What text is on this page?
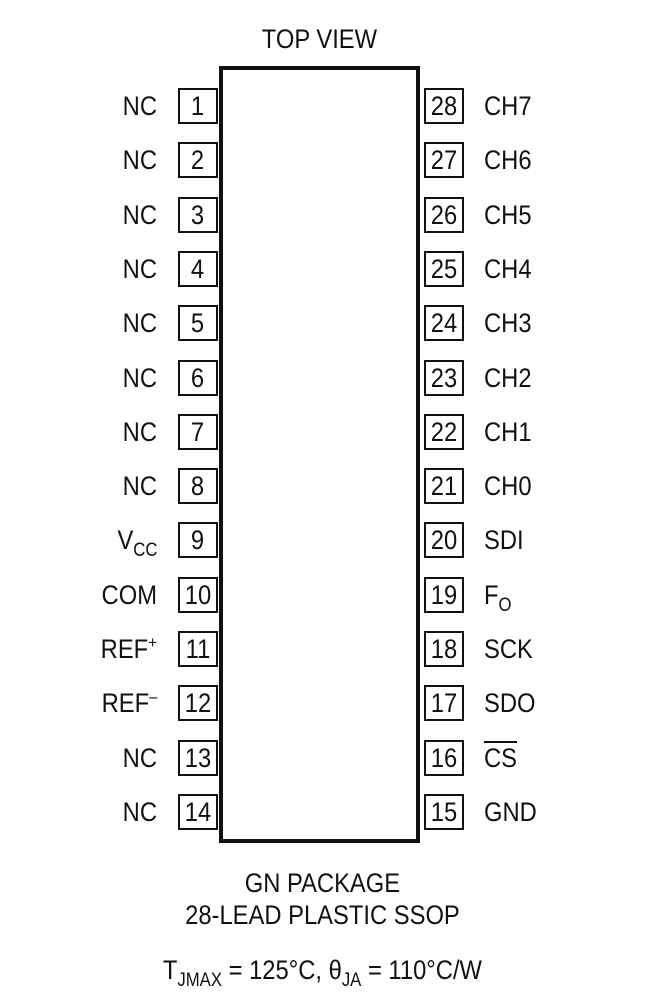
TOP VIEW
1
NC
2
NC
3
NC
4
NC
5
NC
6
NC
7
NC
8
NC
9
$V_{CC}$
10
COM
11
REF+
12
REF–
13
NC
14
NC
28 CH7
27 CH6
26 CH5
25 CH4
24 CH3
23 CH2
22 CH1
21 CH0
20 SDI
19 $F_O$
18 SCK
17 SDO
16 $\overline{CS}$
15 GND
GN PACKAGE
28-LEAD PLASTIC SSOP
$T_{JMAX} = 125^\circ C$, $\theta_{JA} = 110^\circ C/W$
